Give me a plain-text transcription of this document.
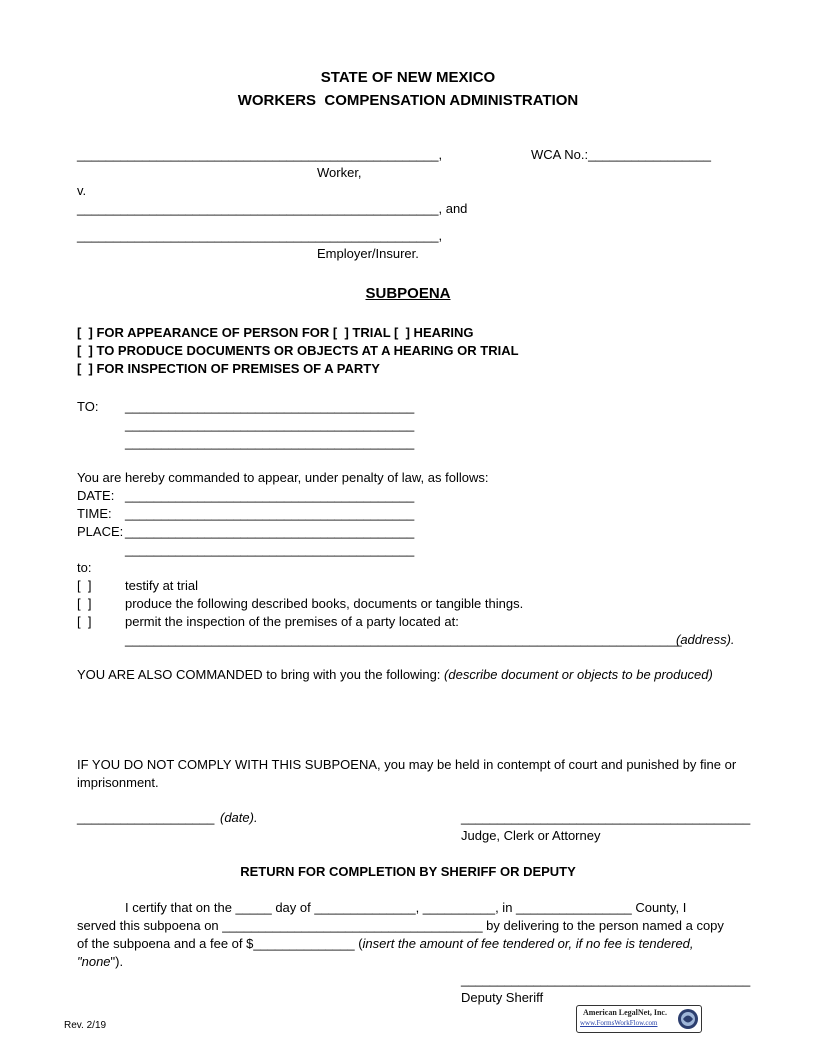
STATE OF NEW MEXICO
WORKERS  COMPENSATION ADMINISTRATION
__________________________________________________,	WCA No.:_________________
Worker,
v.
__________________________________________________, and
__________________________________________________,
Employer/Insurer.
SUBPOENA
[  ] FOR APPEARANCE OF PERSON FOR [  ] TRIAL [  ] HEARING
[  ] TO PRODUCE DOCUMENTS OR OBJECTS AT A HEARING OR TRIAL
[  ] FOR INSPECTION OF PREMISES OF A PARTY
TO: ________________________________________
________________________________________
________________________________________
You are hereby commanded to appear, under penalty of law, as follows:
DATE: ________________________________________
TIME: ________________________________________
PLACE: ________________________________________
________________________________________
to:
[  ]	testify at trial
[  ]	produce the following described books, documents or tangible things.
[  ]	permit the inspection of the premises of a party located at:
_____________________________________________________________________________
(address).
YOU ARE ALSO COMMANDED to bring with you the following: (describe document or objects to be produced)
IF YOU DO NOT COMPLY WITH THIS SUBPOENA, you may be held in contempt of court and punished by fine or
imprisonment.
___________________ (date).	________________________________________
Judge, Clerk or Attorney
RETURN FOR COMPLETION BY SHERIFF OR DEPUTY
I certify that on the _____ day of ______________, __________, in ________________ County, I
served this subpoena on ____________________________________ by delivering to the person named a copy
of the subpoena and a fee of $______________ (insert the amount of fee tendered or, if no fee is tendered,
"none").
________________________________________
Deputy Sheriff
Rev. 2/19
American LegalNet, Inc.
www.FormsWorkFlow.com
